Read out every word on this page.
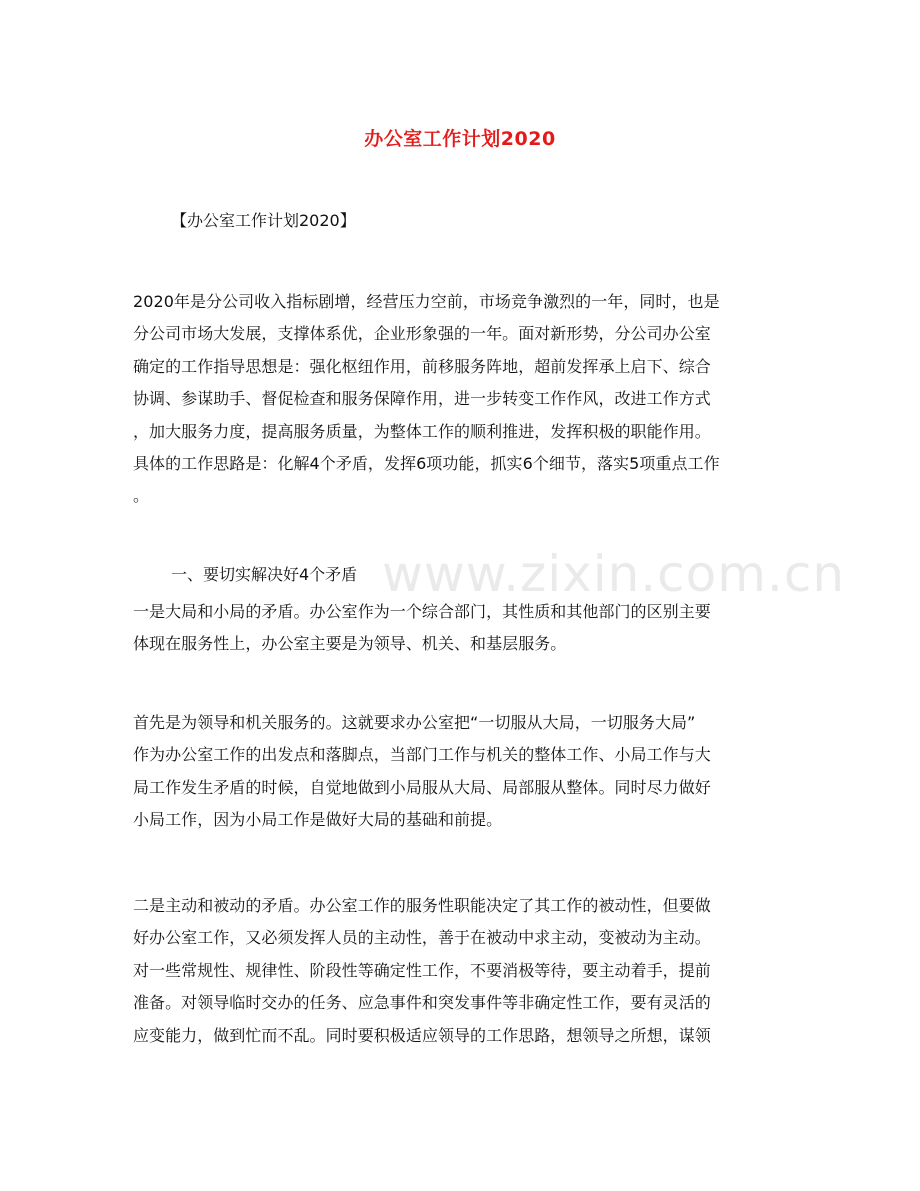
办公室工作计划2020
【办公室工作计划2020】
2020年是分公司收入指标剧增，经营压力空前，市场竞争激烈的一年，同时，也是
分公司市场大发展，支撑体系优，企业形象强的一年。面对新形势，分公司办公室
确定的工作指导思想是：强化枢纽作用，前移服务阵地，超前发挥承上启下、综合
协调、参谋助手、督促检查和服务保障作用，进一步转变工作作风，改进工作方式
，加大服务力度，提高服务质量，为整体工作的顺利推进，发挥积极的职能作用。
具体的工作思路是：化解4个矛盾，发挥6项功能，抓实6个细节，落实5项重点工作
。
一、要切实解决好4个矛盾
一是大局和小局的矛盾。办公室作为一个综合部门，其性质和其他部门的区别主要
体现在服务性上，办公室主要是为领导、机关、和基层服务。
首先是为领导和机关服务的。这就要求办公室把“一切服从大局，一切服务大局”
作为办公室工作的出发点和落脚点，当部门工作与机关的整体工作、小局工作与大
局工作发生矛盾的时候，自觉地做到小局服从大局、局部服从整体。同时尽力做好
小局工作，因为小局工作是做好大局的基础和前提。
二是主动和被动的矛盾。办公室工作的服务性职能决定了其工作的被动性，但要做
好办公室工作，又必须发挥人员的主动性，善于在被动中求主动，变被动为主动。
对一些常规性、规律性、阶段性等确定性工作，不要消极等待，要主动着手，提前
准备。对领导临时交办的任务、应急事件和突发事件等非确定性工作，要有灵活的
应变能力，做到忙而不乱。同时要积极适应领导的工作思路，想领导之所想，谋领
www.zixin.com.cn
